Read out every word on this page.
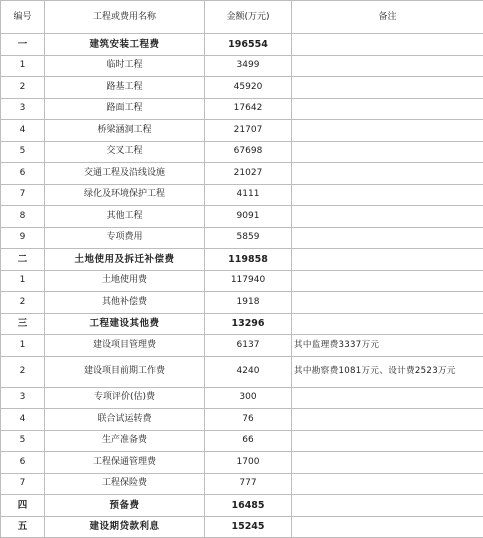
编号	工程或费用名称	金额(万元)	备注
一	建筑安装工程费	196554	
1	临时工程	3499	
2	路基工程	45920	
3	路面工程	17642	
4	桥梁涵洞工程	21707	
5	交叉工程	67698	
6	交通工程及沿线设施	21027	
7	绿化及环境保护工程	4111	
8	其他工程	9091	
9	专项费用	5859	
二	土地使用及拆迁补偿费	119858	
1	土地使用费	117940	
2	其他补偿费	1918	
三	工程建设其他费	13296	
1	建设项目管理费	6137	其中监理费3337万元
2	建设项目前期工作费	4240	其中勘察费1081万元、设计费2523万元
3	专项评价(估)费	300	
4	联合试运转费	76	
5	生产准备费	66	
6	工程保通管理费	1700	
7	工程保险费	777	
四	预备费	16485	
五	建设期贷款利息	15245	
